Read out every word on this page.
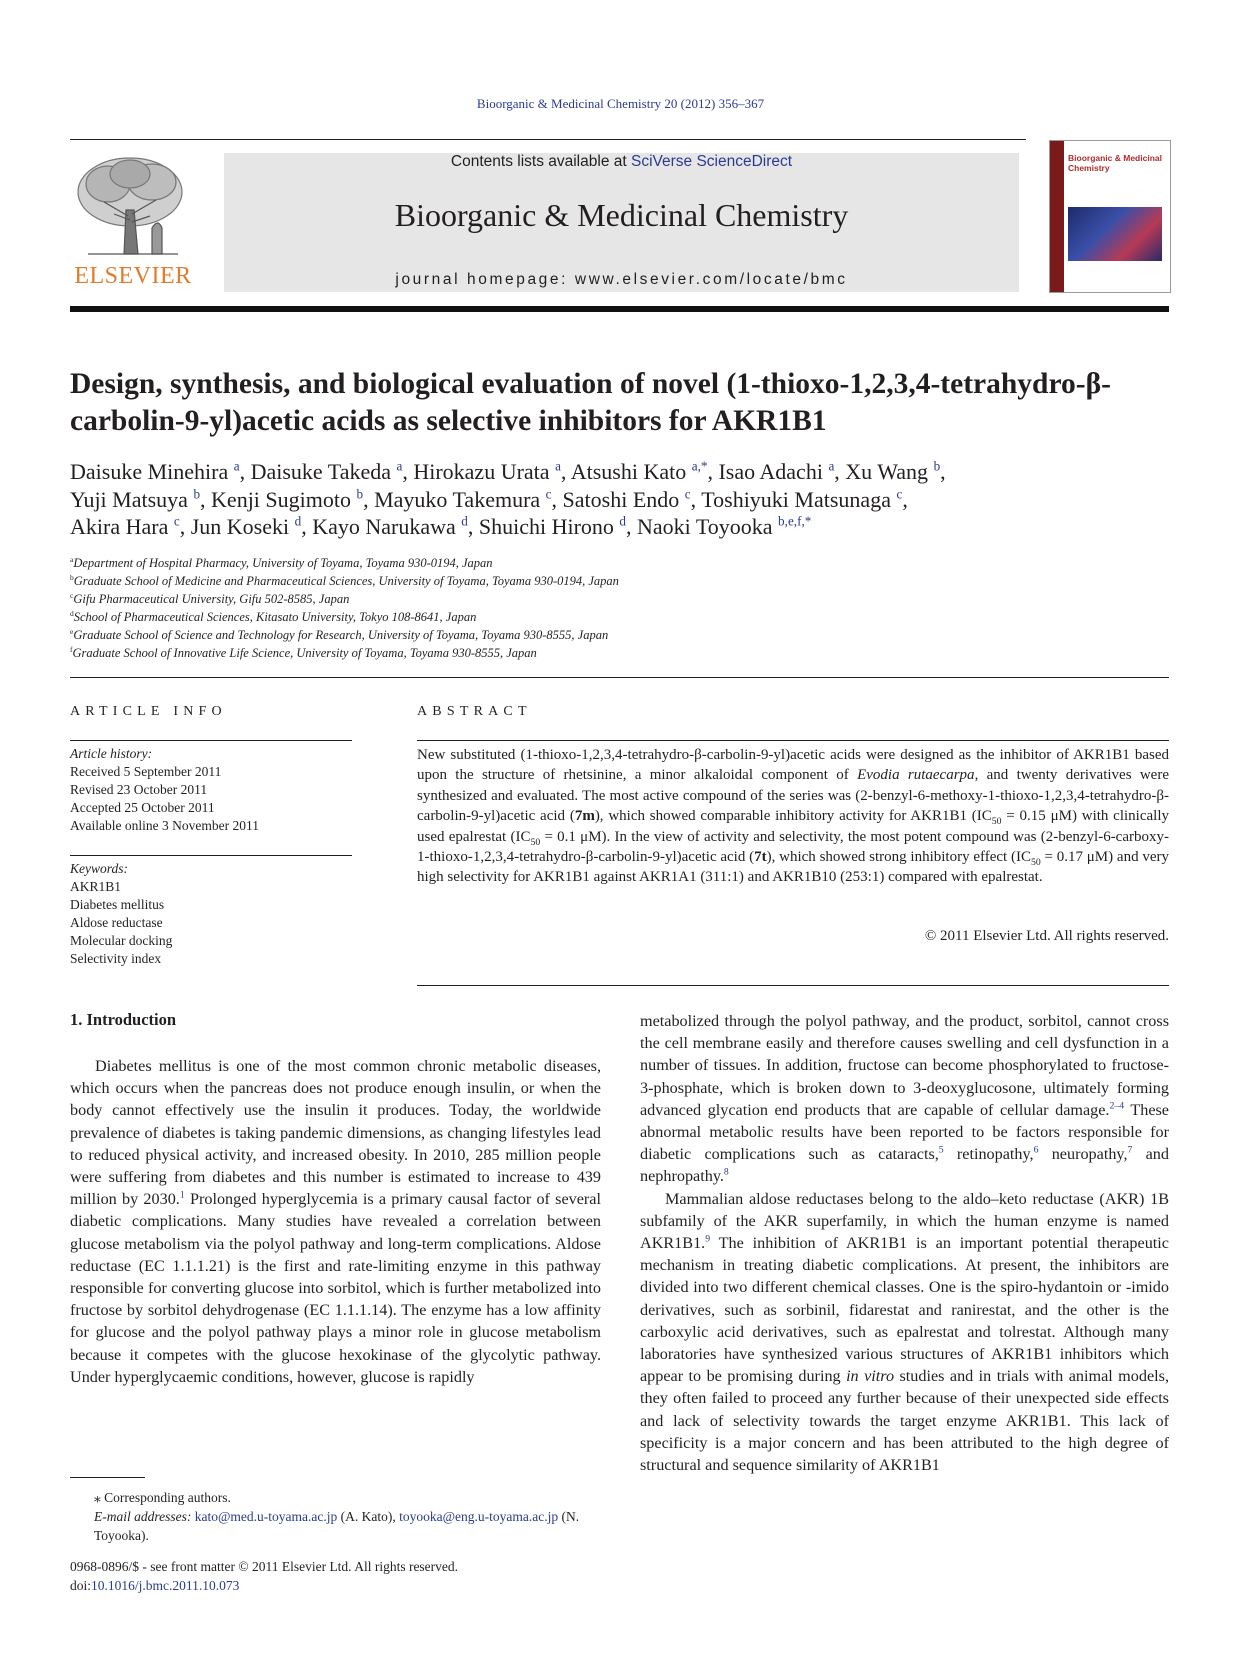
Bioorganic & Medicinal Chemistry 20 (2012) 356–367
ELSEVIER
Contents lists available at SciVerse ScienceDirect
Bioorganic & Medicinal Chemistry
journal homepage: www.elsevier.com/locate/bmc
Bioorganic & Medicinal Chemistry
Design, synthesis, and biological evaluation of novel (1-thioxo-1,2,3,4-tetrahydro-β-carbolin-9-yl)acetic acids as selective inhibitors for AKR1B1
Daisuke Minehira $^a$, Daisuke Takeda $^a$, Hirokazu Urata $^a$, Atsushi Kato $^{a,*}$, Isao Adachi $^a$, Xu Wang $^b$,
Yuji Matsuya $^b$, Kenji Sugimoto $^b$, Mayuko Takemura $^c$, Satoshi Endo $^c$, Toshiyuki Matsunaga $^c$,
Akira Hara $^c$, Jun Koseki $^d$, Kayo Narukawa $^d$, Shuichi Hirono $^d$, Naoki Toyooka $^{b,e,f,*}$
$^a$Department of Hospital Pharmacy, University of Toyama, Toyama 930-0194, Japan
$^b$Graduate School of Medicine and Pharmaceutical Sciences, University of Toyama, Toyama 930-0194, Japan
$^c$Gifu Pharmaceutical University, Gifu 502-8585, Japan
$^d$School of Pharmaceutical Sciences, Kitasato University, Tokyo 108-8641, Japan
$^e$Graduate School of Science and Technology for Research, University of Toyama, Toyama 930-8555, Japan
$^f$Graduate School of Innovative Life Science, University of Toyama, Toyama 930-8555, Japan
ARTICLE INFO	ABSTRACT
Article history:
Received 5 September 2011
Revised 23 October 2011
Accepted 25 October 2011
Available online 3 November 2011
Keywords:
AKR1B1
Diabetes mellitus
Aldose reductase
Molecular docking
Selectivity index
New substituted (1-thioxo-1,2,3,4-tetrahydro-β-carbolin-9-yl)acetic acids were designed as the inhibitor of AKR1B1 based upon the structure of rhetsinine, a minor alkaloidal component of Evodia rutaecarpa, and twenty derivatives were synthesized and evaluated. The most active compound of the series was (2-benzyl-6-methoxy-1-thioxo-1,2,3,4-tetrahydro-β-carbolin-9-yl)acetic acid (7m), which showed comparable inhibitory activity for AKR1B1 ($IC_{50} = 0.15$ μM) with clinically used epalrestat ($IC_{50} = 0.1$ μM). In the view of activity and selectivity, the most potent compound was (2-benzyl-6-carboxy-1-thioxo-1,2,3,4-tetrahydro-β-carbolin-9-yl)acetic acid (7t), which showed strong inhibitory effect ($IC_{50} = 0.17$ μM) and very high selectivity for AKR1B1 against AKR1A1 (311:1) and AKR1B10 (253:1) compared with epalrestat.
© 2011 Elsevier Ltd. All rights reserved.
1. Introduction

Diabetes mellitus is one of the most common chronic metabolic diseases, which occurs when the pancreas does not produce enough insulin, or when the body cannot effectively use the insulin it produces. Today, the worldwide prevalence of diabetes is taking pandemic dimensions, as changing lifestyles lead to reduced physical activity, and increased obesity. In 2010, 285 million people were suffering from diabetes and this number is estimated to increase to 439 million by 2030.$^1$ Prolonged hyperglycemia is a primary causal factor of several diabetic complications. Many studies have revealed a correlation between glucose metabolism via the polyol pathway and long-term complications. Aldose reductase (EC 1.1.1.21) is the first and rate-limiting enzyme in this pathway responsible for converting glucose into sorbitol, which is further metabolized into fructose by sorbitol dehydrogenase (EC 1.1.1.14). The enzyme has a low affinity for glucose and the polyol pathway plays a minor role in glucose metabolism because it competes with the glucose hexokinase of the glycolytic pathway. Under hyperglycaemic conditions, however, glucose is rapidly

metabolized through the polyol pathway, and the product, sorbitol, cannot cross the cell membrane easily and therefore causes swelling and cell dysfunction in a number of tissues. In addition, fructose can become phosphorylated to fructose-3-phosphate, which is broken down to 3-deoxyglucosone, ultimately forming advanced glycation end products that are capable of cellular damage.$^{2-4}$ These abnormal metabolic results have been reported to be factors responsible for diabetic complications such as cataracts,$^5$ retinopathy,$^6$ neuropathy,$^7$ and nephropathy.$^8$

Mammalian aldose reductases belong to the aldo–keto reductase (AKR) 1B subfamily of the AKR superfamily, in which the human enzyme is named AKR1B1.$^9$ The inhibition of AKR1B1 is an important potential therapeutic mechanism in treating diabetic complications. At present, the inhibitors are divided into two different chemical classes. One is the spiro-hydantoin or -imido derivatives, such as sorbinil, fidarestat and ranirestat, and the other is the carboxylic acid derivatives, such as epalrestat and tolrestat. Although many laboratories have synthesized various structures of AKR1B1 inhibitors which appear to be promising during in vitro studies and in trials with animal models, they often failed to proceed any further because of their unexpected side effects and lack of selectivity towards the target enzyme AKR1B1. This lack of specificity is a major concern and has been attributed to the high degree of structural and sequence similarity of AKR1B1

⁎ Corresponding authors.
E-mail addresses: kato@med.u-toyama.ac.jp (A. Kato), toyooka@eng.u-toyama.ac.jp (N. Toyooka).
0968-0896/$ - see front matter © 2011 Elsevier Ltd. All rights reserved.
doi:10.1016/j.bmc.2011.10.073
